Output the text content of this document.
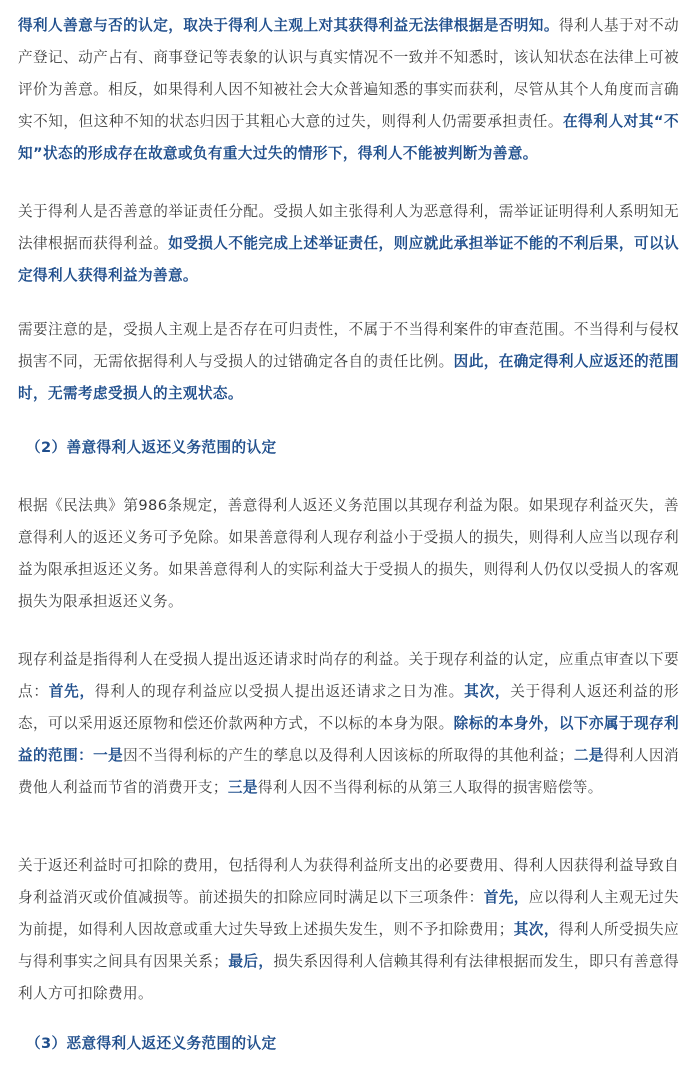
得利人善意与否的认定，取决于得利人主观上对其获得利益无法律根据是否明知。得利人基于对不动产登记、动产占有、商事登记等表象的认识与真实情况不一致并不知悉时，该认知状态在法律上可被评价为善意。相反，如果得利人因不知被社会大众普遍知悉的事实而获利，尽管从其个人角度而言确实不知，但这种不知的状态归因于其粗心大意的过失，则得利人仍需要承担责任。在得利人对其“不知”状态的形成存在故意或负有重大过失的情形下，得利人不能被判断为善意。

关于得利人是否善意的举证责任分配。受损人如主张得利人为恶意得利，需举证证明得利人系明知无法律根据而获得利益。如受损人不能完成上述举证责任，则应就此承担举证不能的不利后果，可以认定得利人获得利益为善意。

需要注意的是，受损人主观上是否存在可归责性，不属于不当得利案件的审查范围。不当得利与侵权损害不同，无需依据得利人与受损人的过错确定各自的责任比例。因此，在确定得利人应返还的范围时，无需考虑受损人的主观状态。

（2）善意得利人返还义务范围的认定

根据《民法典》第986条规定，善意得利人返还义务范围以其现存利益为限。如果现存利益灭失，善意得利人的返还义务可予免除。如果善意得利人现存利益小于受损人的损失，则得利人应当以现存利益为限承担返还义务。如果善意得利人的实际利益大于受损人的损失，则得利人仍仅以受损人的客观损失为限承担返还义务。

现存利益是指得利人在受损人提出返还请求时尚存的利益。关于现存利益的认定，应重点审查以下要点：首先，得利人的现存利益应以受损人提出返还请求之日为准。其次，关于得利人返还利益的形态，可以采用返还原物和偿还价款两种方式，不以标的本身为限。除标的本身外，以下亦属于现存利益的范围：一是因不当得利标的产生的孳息以及得利人因该标的所取得的其他利益；二是得利人因消费他人利益而节省的消费开支；三是得利人因不当得利标的从第三人取得的损害赔偿等。

关于返还利益时可扣除的费用，包括得利人为获得利益所支出的必要费用、得利人因获得利益导致自身利益消灭或价值减损等。前述损失的扣除应同时满足以下三项条件：首先，应以得利人主观无过失为前提，如得利人因故意或重大过失导致上述损失发生，则不予扣除费用；其次，得利人所受损失应与得利事实之间具有因果关系；最后，损失系因得利人信赖其得利有法律根据而发生，即只有善意得利人方可扣除费用。

（3）恶意得利人返还义务范围的认定
